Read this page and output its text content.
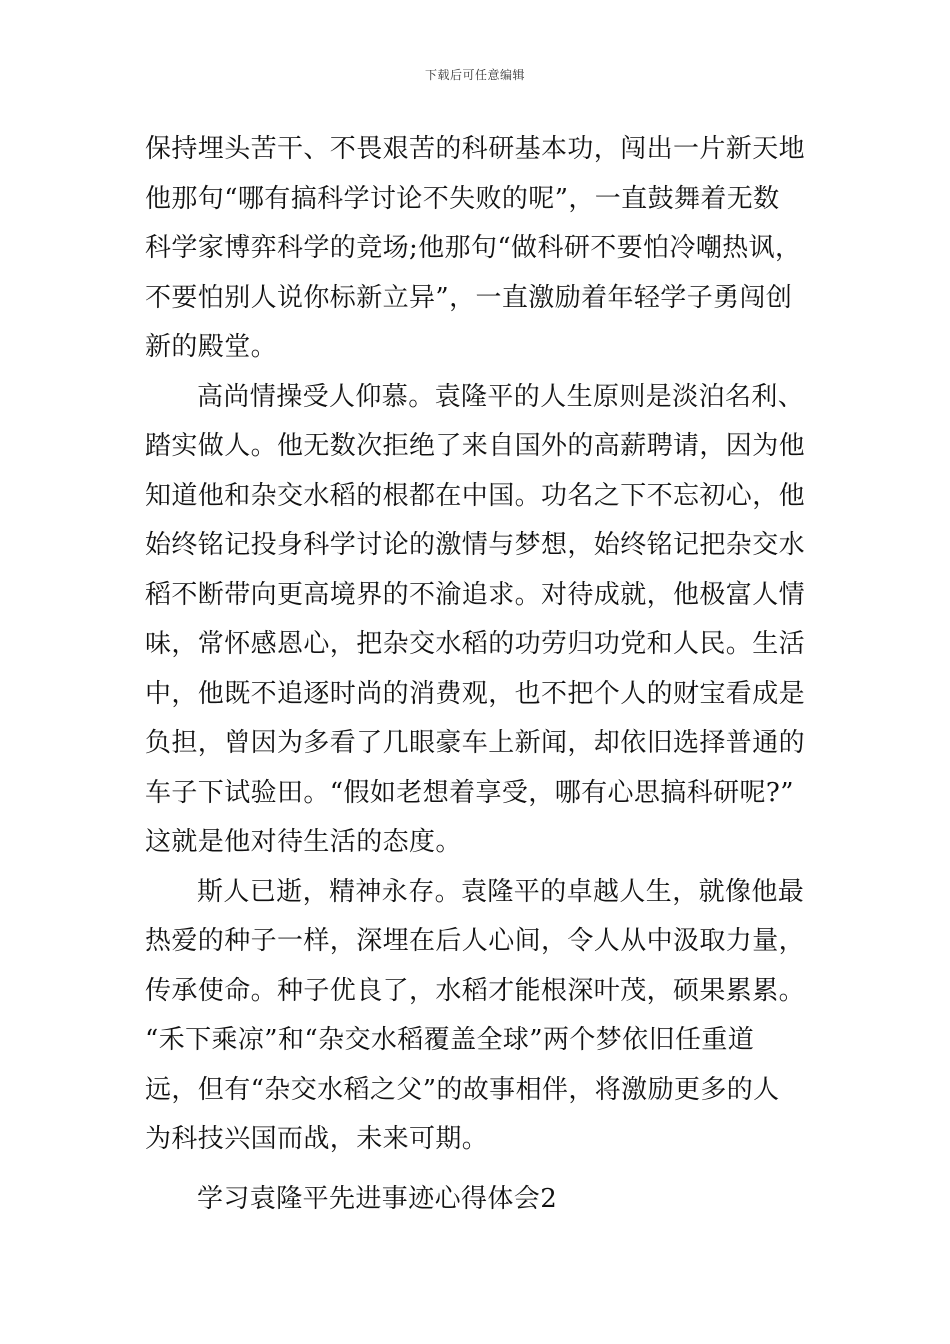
下载后可任意编辑
保持埋头苦干、不畏艰苦的科研基本功，闯出一片新天地
他那句“哪有搞科学讨论不失败的呢”，一直鼓舞着无数
科学家博弈科学的竞场;他那句“做科研不要怕冷嘲热讽，
不要怕别人说你标新立异”，一直激励着年轻学子勇闯创
新的殿堂。
高尚情操受人仰慕。袁隆平的人生原则是淡泊名利、
踏实做人。他无数次拒绝了来自国外的高薪聘请，因为他
知道他和杂交水稻的根都在中国。功名之下不忘初心，他
始终铭记投身科学讨论的激情与梦想，始终铭记把杂交水
稻不断带向更高境界的不渝追求。对待成就，他极富人情
味，常怀感恩心，把杂交水稻的功劳归功党和人民。生活
中，他既不追逐时尚的消费观，也不把个人的财宝看成是
负担，曾因为多看了几眼豪车上新闻，却依旧选择普通的
车子下试验田。“假如老想着享受，哪有心思搞科研呢?”
这就是他对待生活的态度。
斯人已逝，精神永存。袁隆平的卓越人生，就像他最
热爱的种子一样，深埋在后人心间，令人从中汲取力量，
传承使命。种子优良了，水稻才能根深叶茂，硕果累累。
“禾下乘凉”和“杂交水稻覆盖全球”两个梦依旧任重道
远，但有“杂交水稻之父”的故事相伴，将激励更多的人
为科技兴国而战，未来可期。
学习袁隆平先进事迹心得体会2
